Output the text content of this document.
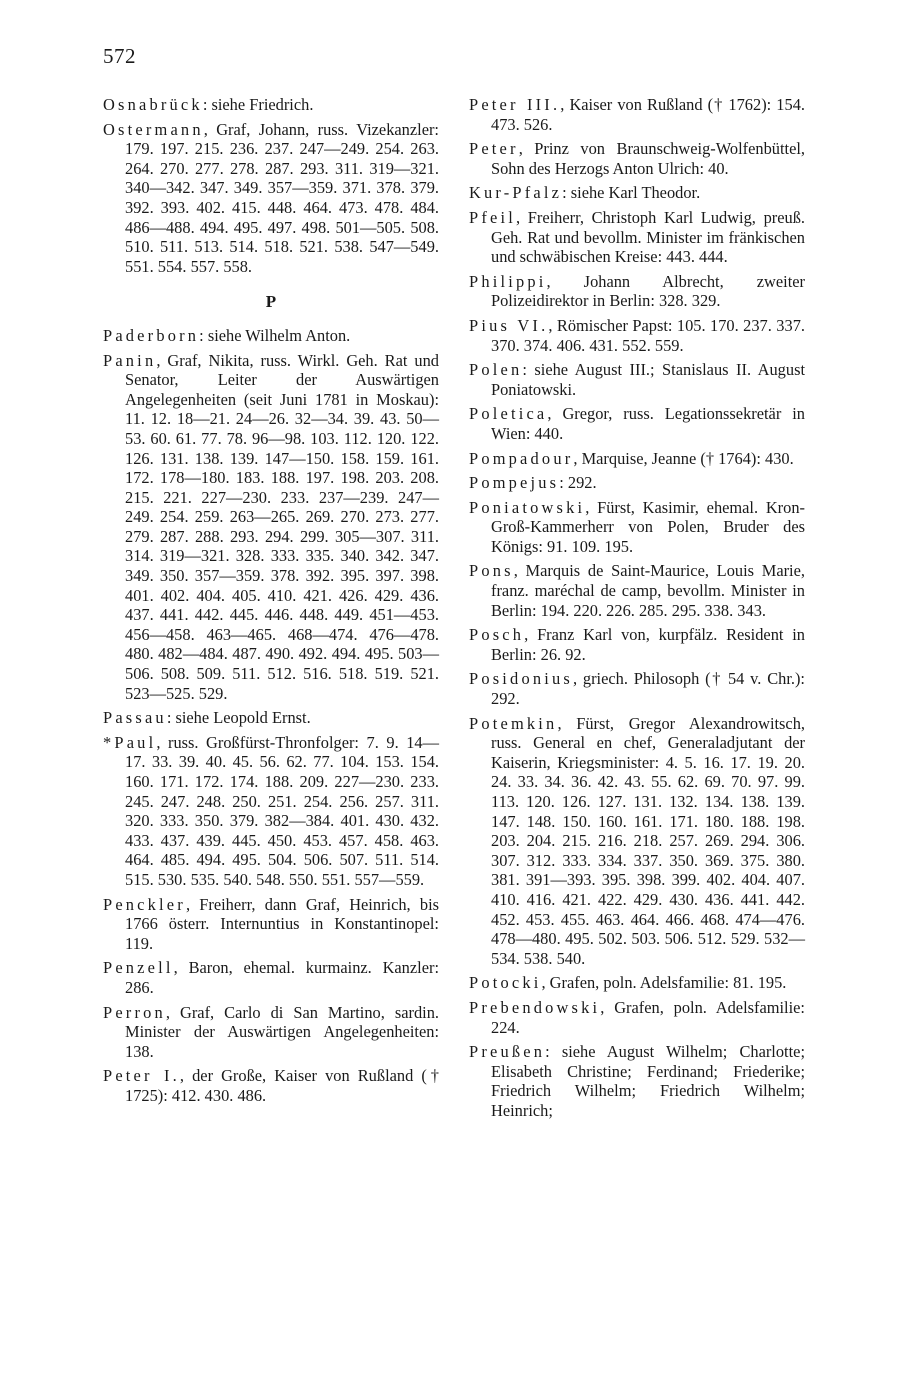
572
Osnabrück: siehe Friedrich.
Ostermann, Graf, Johann, russ. Vizekanzler: 179. 197. 215. 236. 237. 247—249. 254. 263. 264. 270. 277. 278. 287. 293. 311. 319—321. 340—342. 347. 349. 357—359. 371. 378. 379. 392. 393. 402. 415. 448. 464. 473. 478. 484. 486—488. 494. 495. 497. 498. 501—505. 508. 510. 511. 513. 514. 518. 521. 538. 547—549. 551. 554. 557. 558.
P
Paderborn: siehe Wilhelm Anton.
Panin, Graf, Nikita, russ. Wirkl. Geh. Rat und Senator, Leiter der Auswärtigen Angelegenheiten (seit Juni 1781 in Moskau): 11. 12. 18—21. 24—26. 32—34. 39. 43. 50—53. 60. 61. 77. 78. 96—98. 103. 112. 120. 122. 126. 131. 138. 139. 147—150. 158. 159. 161. 172. 178—180. 183. 188. 197. 198. 203. 208. 215. 221. 227—230. 233. 237—239. 247—249. 254. 259. 263—265. 269. 270. 273. 277. 279. 287. 288. 293. 294. 299. 305—307. 311. 314. 319—321. 328. 333. 335. 340. 342. 347. 349. 350. 357—359. 378. 392. 395. 397. 398. 401. 402. 404. 405. 410. 421. 426. 429. 436. 437. 441. 442. 445. 446. 448. 449. 451—453. 456—458. 463—465. 468—474. 476—478. 480. 482—484. 487. 490. 492. 494. 495. 503—506. 508. 509. 511. 512. 516. 518. 519. 521. 523—525. 529.
Passau: siehe Leopold Ernst.
*Paul, russ. Großfürst-Thronfolger: 7. 9. 14—17. 33. 39. 40. 45. 56. 62. 77. 104. 153. 154. 160. 171. 172. 174. 188. 209. 227—230. 233. 245. 247. 248. 250. 251. 254. 256. 257. 311. 320. 333. 350. 379. 382—384. 401. 430. 432. 433. 437. 439. 445. 450. 453. 457. 458. 463. 464. 485. 494. 495. 504. 506. 507. 511. 514. 515. 530. 535. 540. 548. 550. 551. 557—559.
Penckler, Freiherr, dann Graf, Heinrich, bis 1766 österr. Internuntius in Konstantinopel: 119.
Penzell, Baron, ehemal. kurmainz. Kanzler: 286.
Perron, Graf, Carlo di San Martino, sardin. Minister der Auswärtigen Angelegenheiten: 138.
Peter I., der Große, Kaiser von Rußland († 1725): 412. 430. 486.
Peter III., Kaiser von Rußland († 1762): 154. 473. 526.
Peter, Prinz von Braunschweig-Wolfenbüttel, Sohn des Herzogs Anton Ulrich: 40.
Kur-Pfalz: siehe Karl Theodor.
Pfeil, Freiherr, Christoph Karl Ludwig, preuß. Geh. Rat und bevollm. Minister im fränkischen und schwäbischen Kreise: 443. 444.
Philippi, Johann Albrecht, zweiter Polizeidirektor in Berlin: 328. 329.
Pius VI., Römischer Papst: 105. 170. 237. 337. 370. 374. 406. 431. 552. 559.
Polen: siehe August III.; Stanislaus II. August Poniatowski.
Poletica, Gregor, russ. Legationssekretär in Wien: 440.
Pompadour, Marquise, Jeanne († 1764): 430.
Pompejus: 292.
Poniatowski, Fürst, Kasimir, ehemal. Kron-Groß-Kammerherr von Polen, Bruder des Königs: 91. 109. 195.
Pons, Marquis de Saint-Maurice, Louis Marie, franz. maréchal de camp, bevollm. Minister in Berlin: 194. 220. 226. 285. 295. 338. 343.
Posch, Franz Karl von, kurpfälz. Resident in Berlin: 26. 92.
Posidonius, griech. Philosoph († 54 v. Chr.): 292.
Potemkin, Fürst, Gregor Alexandrowitsch, russ. General en chef, Generaladjutant der Kaiserin, Kriegsminister: 4. 5. 16. 17. 19. 20. 24. 33. 34. 36. 42. 43. 55. 62. 69. 70. 97. 99. 113. 120. 126. 127. 131. 132. 134. 138. 139. 147. 148. 150. 160. 161. 171. 180. 188. 198. 203. 204. 215. 216. 218. 257. 269. 294. 306. 307. 312. 333. 334. 337. 350. 369. 375. 380. 381. 391—393. 395. 398. 399. 402. 404. 407. 410. 416. 421. 422. 429. 430. 436. 441. 442. 452. 453. 455. 463. 464. 466. 468. 474—476. 478—480. 495. 502. 503. 506. 512. 529. 532—534. 538. 540.
Potocki, Grafen, poln. Adelsfamilie: 81. 195.
Prebendowski, Grafen, poln. Adelsfamilie: 224.
Preußen: siehe August Wilhelm; Charlotte; Elisabeth Christine; Ferdinand; Friederike; Friedrich Wilhelm; Friedrich Wilhelm; Heinrich;
